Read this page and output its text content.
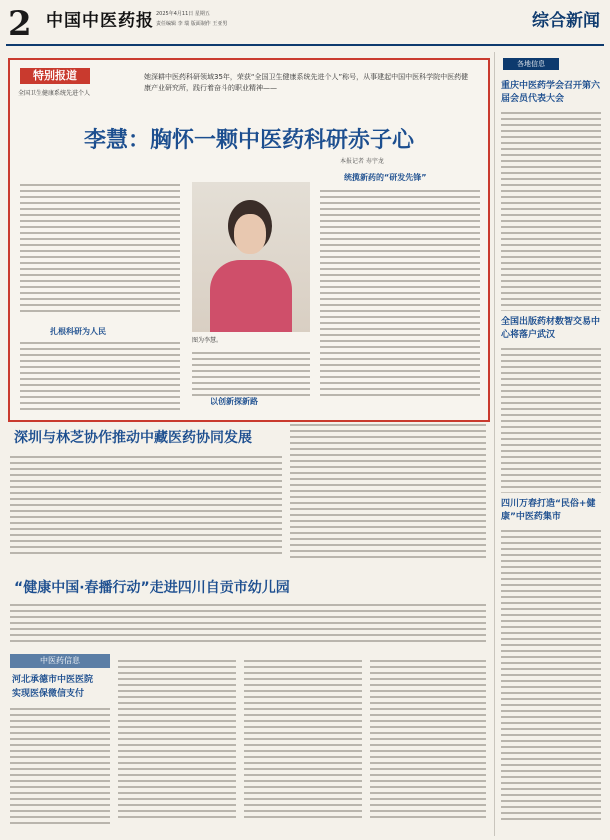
2 中国中医药报 2025年4月11日 星期五
责任编辑 李 瑞 版面制作 王亚男	综合新闻
特别报道
全国卫生健康系统先进个人
她深耕中医药科研领域35年，荣获“全国卫生健康系统先进个人”称号，从事建起中国中医科学院中医药健康产业研究所，践行着奋斗的职业精神——
李慧：胸怀一颗中医药科研赤子心
本报记者 寿宇龙
扎根科研为人民
图为李慧。
以创新探新路
统揽新药的“研发先锋”
深圳与林芝协作推动中藏医药协同发展
“健康中国·春播行动”走进四川自贡市幼儿园
中医药信息
河北承德市中医医院
实现医保微信支付
各地信息
重庆中医药学会召开第六届会员代表大会
全国出版药材数智交易中心将落户武汉
四川万春打造“民俗+健康”中医药集市
